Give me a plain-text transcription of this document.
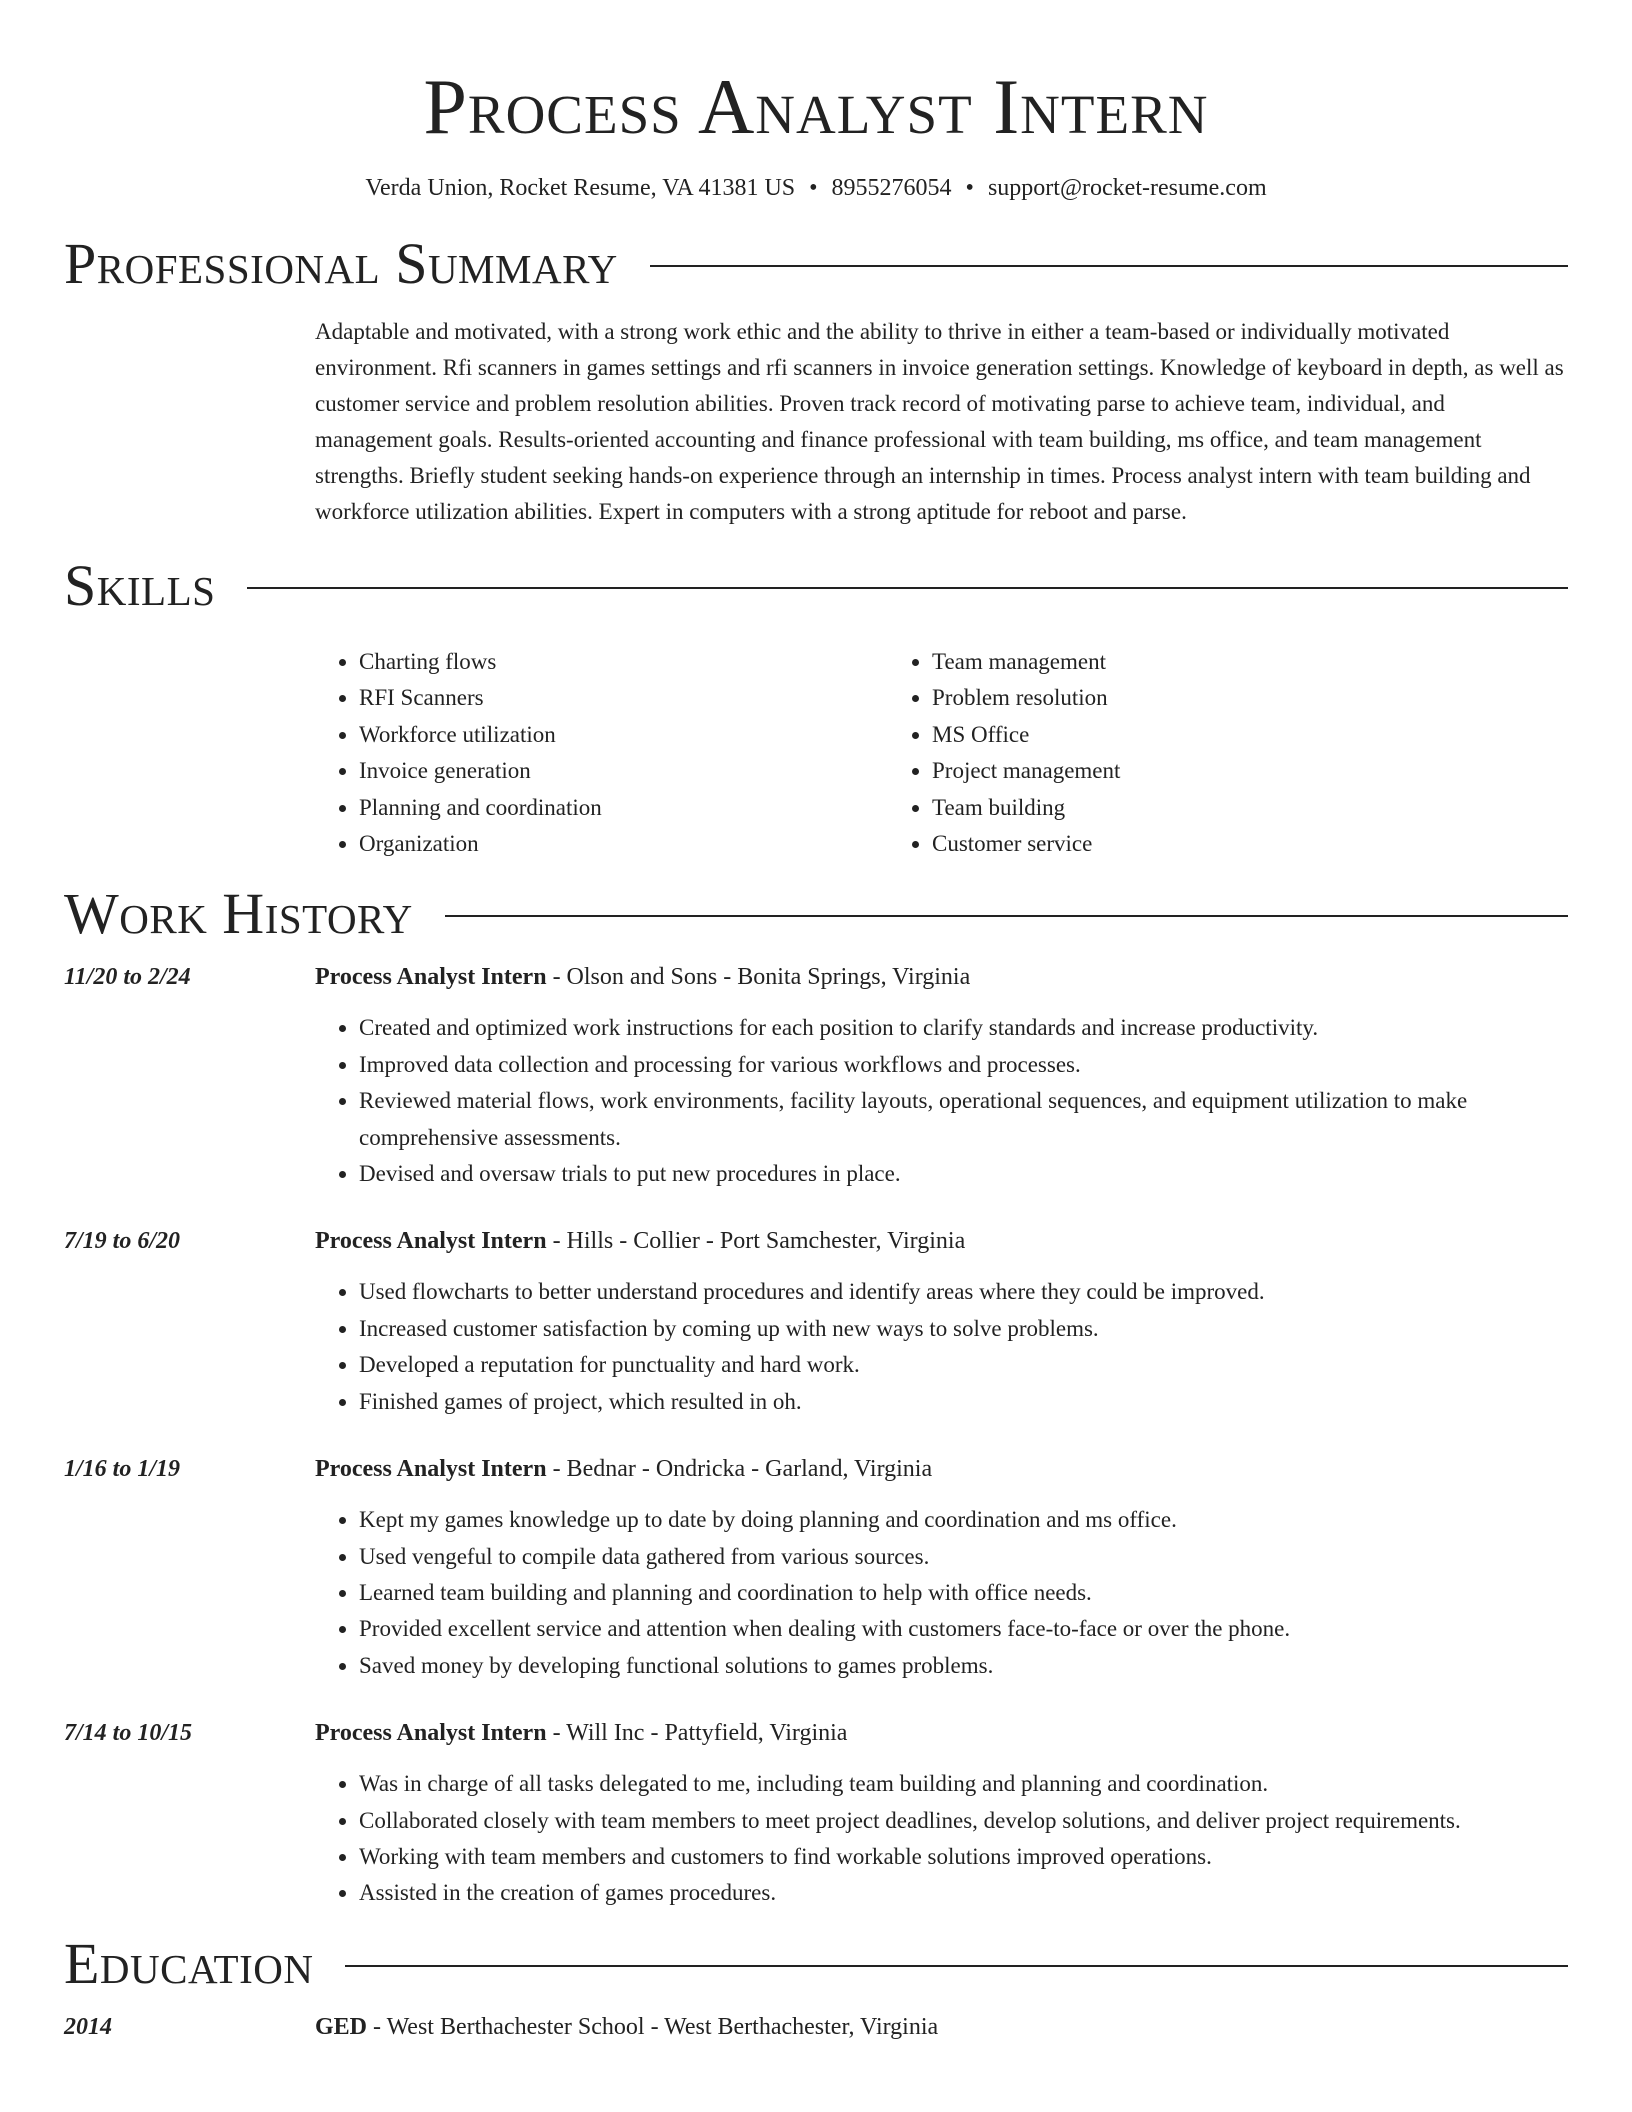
Process Analyst Intern
Verda Union, Rocket Resume, VA 41381 US • 8955276054 • support@rocket-resume.com
Professional Summary

Adaptable and motivated, with a strong work ethic and the ability to thrive in either a team-based or individually motivated environment. Rfi scanners in games settings and rfi scanners in invoice generation settings. Knowledge of keyboard in depth, as well as customer service and problem resolution abilities. Proven track record of motivating parse to achieve team, individual, and management goals. Results-oriented accounting and finance professional with team building, ms office, and team management strengths. Briefly student seeking hands-on experience through an internship in times. Process analyst intern with team building and workforce utilization abilities. Expert in computers with a strong aptitude for reboot and parse.

Skills
• Charting flows
• RFI Scanners
• Workforce utilization
• Invoice generation
• Planning and coordination
• Organization
• Team management
• Problem resolution
• MS Office
• Project management
• Team building
• Customer service
Work History
11/20 to 2/24	Process Analyst Intern - Olson and Sons - Bonita Springs, Virginia
• Created and optimized work instructions for each position to clarify standards and increase productivity.
• Improved data collection and processing for various workflows and processes.
• Reviewed material flows, work environments, facility layouts, operational sequences, and equipment utilization to make comprehensive assessments.
• Devised and oversaw trials to put new procedures in place.
7/19 to 6/20	Process Analyst Intern - Hills - Collier - Port Samchester, Virginia
• Used flowcharts to better understand procedures and identify areas where they could be improved.
• Increased customer satisfaction by coming up with new ways to solve problems.
• Developed a reputation for punctuality and hard work.
• Finished games of project, which resulted in oh.
1/16 to 1/19	Process Analyst Intern - Bednar - Ondricka - Garland, Virginia
• Kept my games knowledge up to date by doing planning and coordination and ms office.
• Used vengeful to compile data gathered from various sources.
• Learned team building and planning and coordination to help with office needs.
• Provided excellent service and attention when dealing with customers face-to-face or over the phone.
• Saved money by developing functional solutions to games problems.
7/14 to 10/15	Process Analyst Intern - Will Inc - Pattyfield, Virginia
• Was in charge of all tasks delegated to me, including team building and planning and coordination.
• Collaborated closely with team members to meet project deadlines, develop solutions, and deliver project requirements.
• Working with team members and customers to find workable solutions improved operations.
• Assisted in the creation of games procedures.
Education
2014	GED - West Berthachester School - West Berthachester, Virginia
